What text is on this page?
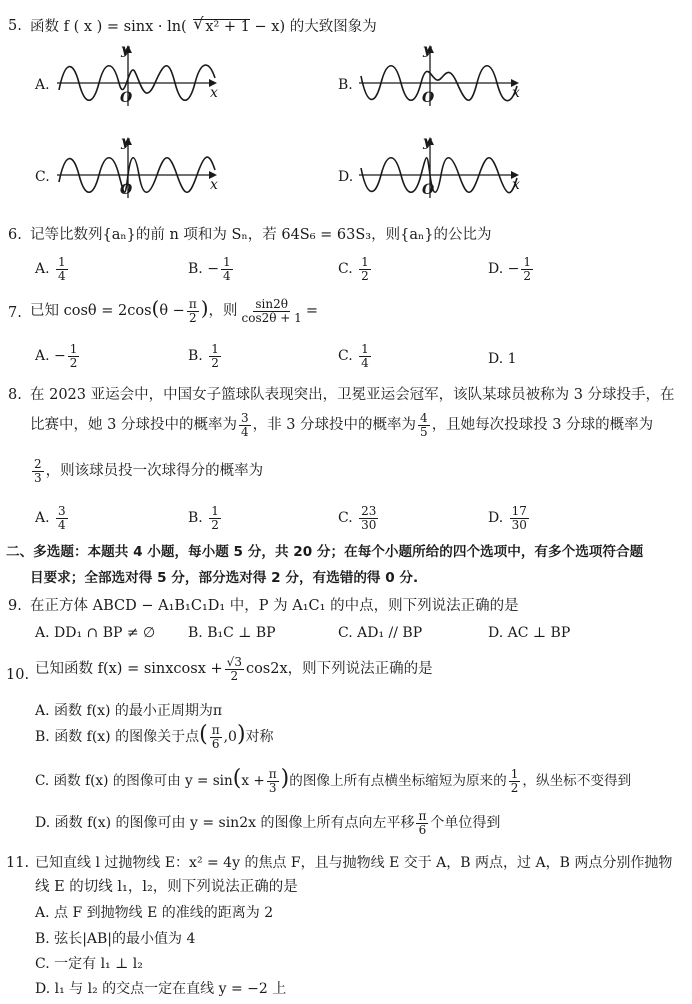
5. 函数 f ( x ) = sinx · ln( √ x² + 1 − x) 的大致图象为
A.	B.
C.	D.
y
x
O
y
x
O
y
x
O
y
x
O
6. 记等比数列{aₙ}的前 n 项和为 Sₙ，若 64S₆ = 63S₃，则{aₙ}的公比为
A. $\frac{1}{4}$	B. − $\frac{1}{4}$	C. $\frac{1}{2}$	D. − $\frac{1}{2}$
7. 已知 $\cos\theta = 2\cos(\theta - \frac{\pi}{2}$ )，则 $\frac{\sin 2\theta}{\cos 2\theta + 1}$ =
A. − $\frac{1}{2}$	B. $\frac{1}{2}$	C. $\frac{1}{4}$	D. 1
8. 在 2023 亚运会中，中国女子篮球队表现突出，卫冕亚运会冠军，该队某球员被称为 3 分球投手，在
比赛中，她 3 分球投中的概率为 $\frac{3}{4}$ ，非 3 分球投中的概率为 $\frac{4}{5}$ ，且她每次投球投 3 分球的概率为
$\frac{2}{3}$ ，则该球员投一次球得分的概率为
A. $\frac{3}{4}$	B. $\frac{1}{2}$	C. $\frac{23}{30}$	D. $\frac{17}{30}$
二、多选题：本题共 4 小题，每小题 5 分，共 20 分；在每个小题所给的四个选项中，有多个选项符合题
目要求；全部选对得 5 分，部分选对得 2 分，有选错的得 0 分.
9. 在正方体 ABCD − A₁B₁C₁D₁ 中，P 为 A₁C₁ 的中点，则下列说法正确的是
A. DD₁ ∩ BP ≠ ∅ B. B₁C ⊥ BP	C. AD₁ // BP	D. AC ⊥ BP
10. 已知函数 f(x) = sinxcosx + $\frac{√3}{2} \cos 2x$，则下列说法正确的是
A. 函数 f(x) 的最小正周期为π
B. 函数 f(x) 的图像关于点( $\frac{\pi}{6} ,0$)对称
C. 函数 f(x) 的图像可由 $y = \sin(x + \frac{\pi}{3}$ )的图像上所有点横坐标缩短为原来的 $\frac{1}{2}$ ，纵坐标不变得到
D. 函数 f(x) 的图像可由 y = sin2x 的图像上所有点向左平移 $\frac{\pi}{6}$ 个单位得到
11. 已知直线 l 过抛物线 E：x² = 4y 的焦点 F，且与抛物线 E 交于 A，B 两点，过 A，B 两点分别作抛物
线 E 的切线 l₁，l₂，则下列说法正确的是
A. 点 F 到抛物线 E 的准线的距离为 2
B. 弦长|AB|的最小值为 4
C. 一定有 l₁ ⊥ l₂
D. l₁ 与 l₂ 的交点一定在直线 y = −2 上
